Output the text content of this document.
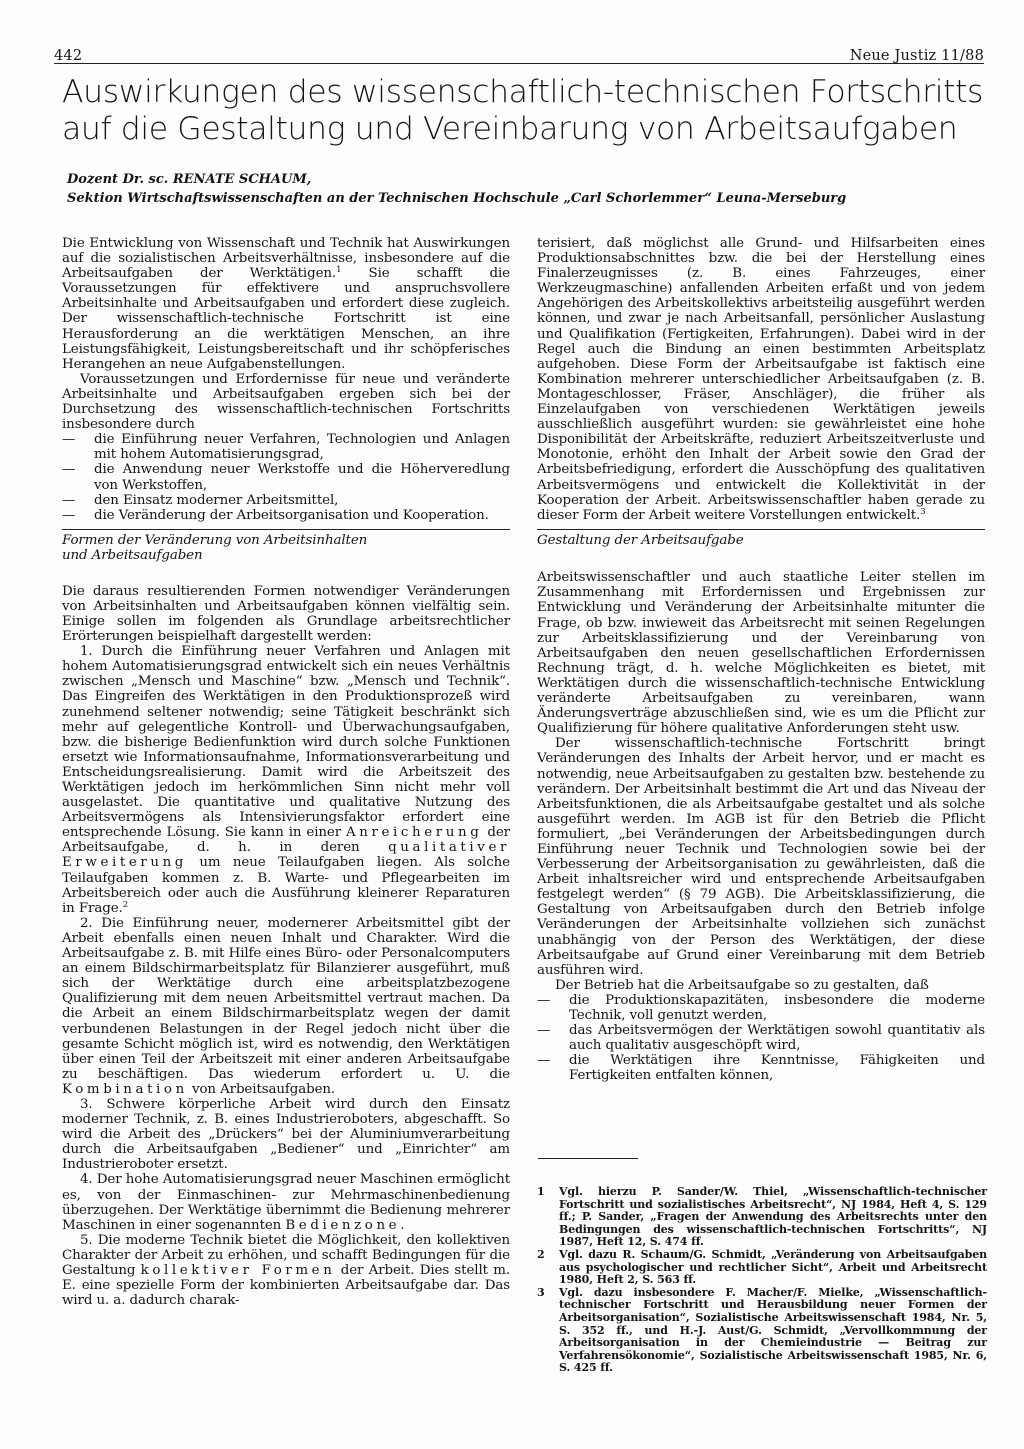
442	Neue Justiz 11/88
Auswirkungen des wissenschaftlich-technischen Fortschritts
auf die Gestaltung und Vereinbarung von Arbeitsaufgaben
Dozent Dr. sc. RENATE SCHAUM,
Sektion Wirtschaftswissenschaften an der Technischen Hochschule „Carl Schorlemmer“ Leuna-Merseburg

Die Entwicklung von Wissenschaft und Technik hat Auswirkungen auf die sozialistischen Arbeitsverhältnisse, insbesondere auf die Arbeitsaufgaben der Werktätigen.$^1$ Sie schafft die Voraussetzungen für effektivere und anspruchsvollere Arbeitsinhalte und Arbeitsaufgaben und erfordert diese zugleich. Der wissenschaftlich-technische Fortschritt ist eine Herausforderung an die werktätigen Menschen, an ihre Leistungsfähigkeit, Leistungsbereitschaft und ihr schöpferisches Herangehen an neue Aufgabenstellungen.

Voraussetzungen und Erfordernisse für neue und veränderte Arbeitsinhalte und Arbeitsaufgaben ergeben sich bei der Durchsetzung des wissenschaftlich-technischen Fortschritts insbesondere durch

— die Einführung neuer Verfahren, Technologien und Anlagen mit hohem Automatisierungsgrad,
— die Anwendung neuer Werkstoffe und die Höherveredlung von Werkstoffen,
— den Einsatz moderner Arbeitsmittel,
— die Veränderung der Arbeitsorganisation und Kooperation.
Formen der Veränderung von Arbeitsinhalten und Arbeitsaufgaben

Die daraus resultierenden Formen notwendiger Veränderungen von Arbeitsinhalten und Arbeitsaufgaben können vielfältig sein. Einige sollen im folgenden als Grundlage arbeitsrechtlicher Erörterungen beispielhaft dargestellt werden:

1. Durch die Einführung neuer Verfahren und Anlagen mit hohem Automatisierungsgrad entwickelt sich ein neues Verhältnis zwischen „Mensch und Maschine“ bzw. „Mensch und Technik“. Das Eingreifen des Werktätigen in den Produktionsprozeß wird zunehmend seltener notwendig; seine Tätigkeit beschränkt sich mehr auf gelegentliche Kontroll- und Überwachungsaufgaben, bzw. die bisherige Bedienfunktion wird durch solche Funktionen ersetzt wie Informationsaufnahme, Informationsverarbeitung und Entscheidungsrealisierung. Damit wird die Arbeitszeit des Werktätigen jedoch im herkömmlichen Sinn nicht mehr voll ausgelastet. Die quantitative und qualitative Nutzung des Arbeitsvermögens als Intensivierungsfaktor erfordert eine entsprechende Lösung. Sie kann in einer Anreicherung der Arbeitsaufgabe, d. h. in deren qualitativer Erweiterung um neue Teilaufgaben liegen. Als solche Teilaufgaben kommen z. B. Warte- und Pflegearbeiten im Arbeitsbereich oder auch die Ausführung kleinerer Reparaturen in Frage.$^2$

2. Die Einführung neuer, modernerer Arbeitsmittel gibt der Arbeit ebenfalls einen neuen Inhalt und Charakter. Wird die Arbeitsaufgabe z. B. mit Hilfe eines Büro- oder Personalcomputers an einem Bildschirmarbeitsplatz für Bilanzierer ausgeführt, muß sich der Werktätige durch eine arbeitsplatzbezogene Qualifizierung mit dem neuen Arbeitsmittel vertraut machen. Da die Arbeit an einem Bildschirmarbeitsplatz wegen der damit verbundenen Belastungen in der Regel jedoch nicht über die gesamte Schicht möglich ist, wird es notwendig, den Werktätigen über einen Teil der Arbeitszeit mit einer anderen Arbeitsaufgabe zu beschäftigen. Das wiederum erfordert u. U. die Kombination von Arbeitsaufgaben.

3. Schwere körperliche Arbeit wird durch den Einsatz moderner Technik, z. B. eines Industrieroboters, abgeschafft. So wird die Arbeit des „Drückers“ bei der Aluminiumverarbeitung durch die Arbeitsaufgaben „Bediener“ und „Einrichter“ am Industrieroboter ersetzt.

4. Der hohe Automatisierungsgrad neuer Maschinen ermöglicht es, von der Einmaschinen- zur Mehrmaschinenbedienung überzugehen. Der Werktätige übernimmt die Bedienung mehrerer Maschinen in einer sogenannten Bedienzone.

5. Die moderne Technik bietet die Möglichkeit, den kollektiven Charakter der Arbeit zu erhöhen, und schafft Bedingungen für die Gestaltung kollektiver Formen der Arbeit. Dies stellt m. E. eine spezielle Form der kombinierten Arbeitsaufgabe dar. Das wird u. a. dadurch charak-

terisiert, daß möglichst alle Grund- und Hilfsarbeiten eines Produktionsabschnittes bzw. die bei der Herstellung eines Finalerzeugnisses (z. B. eines Fahrzeuges, einer Werkzeugmaschine) anfallenden Arbeiten erfaßt und von jedem Angehörigen des Arbeitskollektivs arbeitsteilig ausgeführt werden können, und zwar je nach Arbeitsanfall, persönlicher Auslastung und Qualifikation (Fertigkeiten, Erfahrungen). Dabei wird in der Regel auch die Bindung an einen bestimmten Arbeitsplatz aufgehoben. Diese Form der Arbeitsaufgabe ist faktisch eine Kombination mehrerer unterschiedlicher Arbeitsaufgaben (z. B. Montageschlosser, Fräser, Anschläger), die früher als Einzelaufgaben von verschiedenen Werktätigen jeweils ausschließlich ausgeführt wurden: sie gewährleistet eine hohe Disponibilität der Arbeitskräfte, reduziert Arbeitszeitverluste und Monotonie, erhöht den Inhalt der Arbeit sowie den Grad der Arbeitsbefriedigung, erfordert die Ausschöpfung des qualitativen Arbeitsvermögens und entwickelt die Kollektivität in der Kooperation der Arbeit. Arbeitswissenschaftler haben gerade zu dieser Form der Arbeit weitere Vorstellungen entwickelt.$^3$

Gestaltung der Arbeitsaufgabe

Arbeitswissenschaftler und auch staatliche Leiter stellen im Zusammenhang mit Erfordernissen und Ergebnissen zur Entwicklung und Veränderung der Arbeitsinhalte mitunter die Frage, ob bzw. inwieweit das Arbeitsrecht mit seinen Regelungen zur Arbeitsklassifizierung und der Vereinbarung von Arbeitsaufgaben den neuen gesellschaftlichen Erfordernissen Rechnung trägt, d. h. welche Möglichkeiten es bietet, mit Werktätigen durch die wissenschaftlich-technische Entwicklung veränderte Arbeitsaufgaben zu vereinbaren, wann Änderungsverträge abzuschließen sind, wie es um die Pflicht zur Qualifizierung für höhere qualitative Anforderungen steht usw.

Der wissenschaftlich-technische Fortschritt bringt Veränderungen des Inhalts der Arbeit hervor, und er macht es notwendig, neue Arbeitsaufgaben zu gestalten bzw. bestehende zu verändern. Der Arbeitsinhalt bestimmt die Art und das Niveau der Arbeitsfunktionen, die als Arbeitsaufgabe gestaltet und als solche ausgeführt werden. Im AGB ist für den Betrieb die Pflicht formuliert, „bei Veränderungen der Arbeitsbedingungen durch Einführung neuer Technik und Technologien sowie bei der Verbesserung der Arbeitsorganisation zu gewährleisten, daß die Arbeit inhaltsreicher wird und entsprechende Arbeitsaufgaben festgelegt werden“ (§ 79 AGB). Die Arbeitsklassifizierung, die Gestaltung von Arbeitsaufgaben durch den Betrieb infolge Veränderungen der Arbeitsinhalte vollziehen sich zunächst unabhängig von der Person des Werktätigen, der diese Arbeitsaufgabe auf Grund einer Vereinbarung mit dem Betrieb ausführen wird.

Der Betrieb hat die Arbeitsaufgabe so zu gestalten, daß

— die Produktionskapazitäten, insbesondere die moderne Technik, voll genutzt werden,
— das Arbeitsvermögen der Werktätigen sowohl quantitativ als auch qualitativ ausgeschöpft wird,
— die Werktätigen ihre Kenntnisse, Fähigkeiten und Fertigkeiten entfalten können,
1	Vgl. hierzu P. Sander/W. Thiel, „Wissenschaftlich-technischer Fortschritt und sozialistisches Arbeitsrecht“, NJ 1984, Heft 4, S. 129 ff.; P. Sander, „Fragen der Anwendung des Arbeitsrechts unter den Bedingungen des wissenschaftlich-technischen Fortschritts“, NJ 1987, Heft 12, S. 474 ff.
2	Vgl. dazu R. Schaum/G. Schmidt, „Veränderung von Arbeitsaufgaben aus psychologischer und rechtlicher Sicht“, Arbeit und Arbeitsrecht 1980, Heft 2, S. 563 ff.
3	Vgl. dazu insbesondere F. Macher/F. Mielke, „Wissenschaftlich-technischer Fortschritt und Herausbildung neuer Formen der Arbeitsorganisation“, Sozialistische Arbeitswissenschaft 1984, Nr. 5, S. 352 ff., und H.-J. Aust/G. Schmidt, „Vervollkommnung der Arbeitsorganisation in der Chemieindustrie — Beitrag zur Verfahrensökonomie“, Sozialistische Arbeitswissenschaft 1985, Nr. 6, S. 425 ff.
